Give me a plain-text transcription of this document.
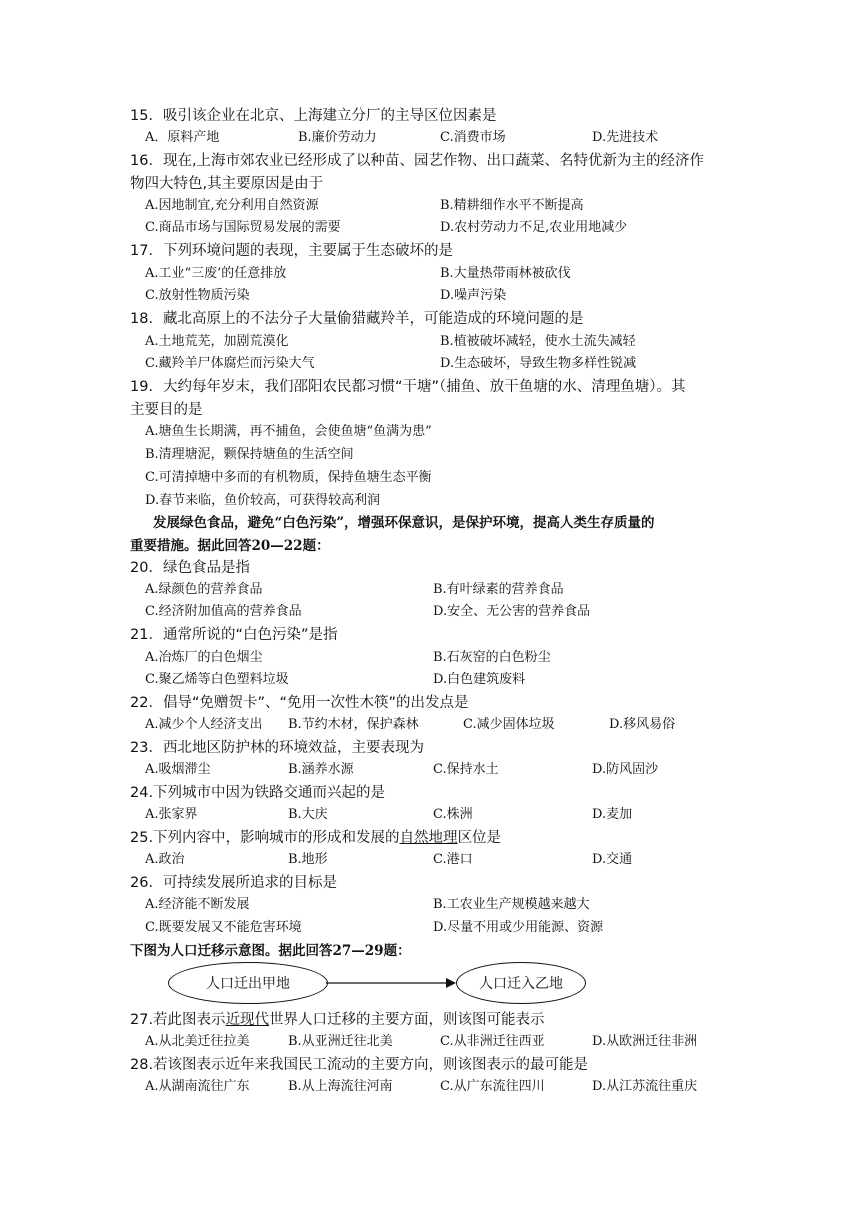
15．吸引该企业在北京、上海建立分厂的主导区位因素是
A．原料产地	B.廉价劳动力	C.消费市场	D.先进技术
16．现在,上海市郊农业已经形成了以种苗、园艺作物、出口蔬菜、名特优新为主的经济作
物四大特色,其主要原因是由于
A.因地制宜,充分利用自然资源	B.精耕细作水平不断提高
C.商品市场与国际贸易发展的需要	D.农村劳动力不足,农业用地减少
17．下列环境问题的表现，主要属于生态破坏的是
A.工业“三废’的任意排放	B.大量热带雨林被砍伐
C.放射性物质污染	D.噪声污染
18．藏北高原上的不法分子大量偷猎藏羚羊，可能造成的环境问题的是
A.土地荒芜，加剧荒漠化	B.植被破坏减轻，使水土流失减轻
C.藏羚羊尸体腐烂而污染大气	D.生态破坏，导致生物多样性锐减
19．大约每年岁末，我们邵阳农民都习惯“干塘”（捕鱼、放干鱼塘的水、清理鱼塘）。其
主要目的是
A.塘鱼生长期满，再不捕鱼，会使鱼塘“鱼满为患”
B.清理塘泥，颗保持塘鱼的生活空间
C.可清掉塘中多而的有机物质，保持鱼塘生态平衡
D.春节来临，鱼价较高，可获得较高利润
发展绿色食品，避免“白色污染”，增强环保意识，是保护环境，提高人类生存质量的
重要措施。据此回答20—22题：
20．绿色食品是指
A.绿颜色的营养食品	B.有叶绿素的营养食品
C.经济附加值高的营养食品	D.安全、无公害的营养食品
21．通常所说的“白色污染”是指
A.冶炼厂的白色烟尘	B.石灰窑的白色粉尘
C.聚乙烯等白色塑料垃圾	D.白色建筑废料
22．倡导“免赠贺卡”、“免用一次性木筷”的出发点是
A.减少个人经济支出 B.节约木材，保护森林	C.减少固体垃圾	D.移风易俗
23．西北地区防护林的环境效益，主要表现为
A.吸烟滞尘	B.涵养水源	C.保持水土	D.防风固沙
24.下列城市中因为铁路交通而兴起的是
A.张家界	B.大庆	C.株洲	D.麦加
25.下列内容中，影响城市的形成和发展的自然地理区位是
A.政治	B.地形	C.港口	D.交通
26．可持续发展所追求的目标是
A.经济能不断发展	B.工农业生产规模越来越大
C.既要发展又不能危害环境	D.尽量不用或少用能源、资源
下图为人口迁移示意图。据此回答27—29题：
人口迁出甲地	人口迁入乙地
27.若此图表示近现代世界人口迁移的主要方面，则该图可能表示
A.从北美迁往拉美	B.从亚洲迁往北美	C.从非洲迁往西亚	D.从欧洲迁往非洲
28.若该图表示近年来我国民工流动的主要方向，则该图表示的最可能是
A.从湖南流往广东	B.从上海流往河南	C.从广东流往四川	D.从江苏流往重庆
